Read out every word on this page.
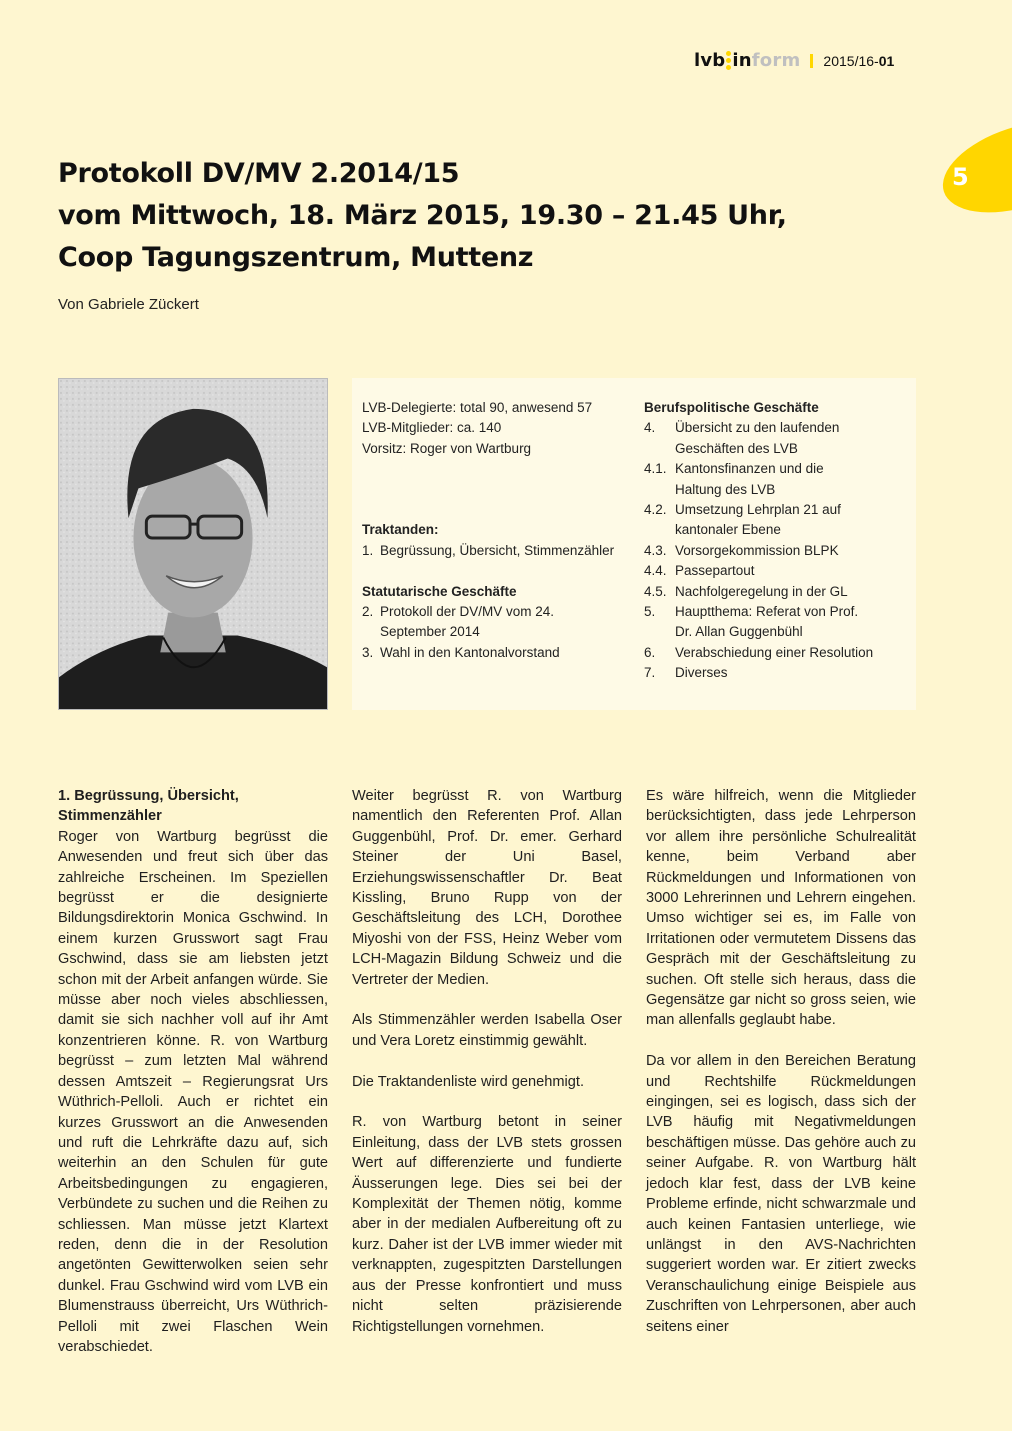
lvb in form 2015/16-01
5
Protokoll DV/MV 2.2014/15
vom Mittwoch, 18. März 2015, 19.30 – 21.45 Uhr,
Coop Tagungszentrum, Muttenz
Von Gabriele Zückert
LVB-Delegierte: total 90, anwesend 57
LVB-Mitglieder: ca. 140
Vorsitz: Roger von Wartburg
Traktanden:
1. Begrüssung, Übersicht, Stimmenzähler
Statutarische Geschäfte
2. Protokoll der DV/MV vom 24. September 2014
3. Wahl in den Kantonalvorstand
Berufspolitische Geschäfte
4.	Übersicht zu den laufenden Geschäften des LVB
4.1. Kantonsfinanzen und die Haltung des LVB
4.2. Umsetzung Lehrplan 21 auf kantonaler Ebene
4.3. Vorsorgekommission BLPK
4.4. Passepartout
4.5. Nachfolgeregelung in der GL
5.	Hauptthema: Referat von Prof. Dr. Allan Guggenbühl
6.	Verabschiedung einer Resolution
7.	Diverses
1. Begrüssung, Übersicht, Stimmenzähler

Roger von Wartburg begrüsst die Anwesenden und freut sich über das zahlreiche Erscheinen. Im Speziellen begrüsst er die designierte Bildungsdirektorin Monica Gschwind. In einem kurzen Grusswort sagt Frau Gschwind, dass sie am liebsten jetzt schon mit der Arbeit anfangen würde. Sie müsse aber noch vieles abschliessen, damit sie sich nachher voll auf ihr Amt konzentrieren könne. R. von Wartburg begrüsst – zum letzten Mal während dessen Amtszeit – Regierungsrat Urs Wüthrich-Pelloli. Auch er richtet ein kurzes Grusswort an die Anwesenden und ruft die Lehrkräfte dazu auf, sich weiterhin an den Schulen für gute Arbeitsbedingungen zu engagieren, Verbündete zu suchen und die Reihen zu schliessen. Man müsse jetzt Klartext reden, denn die in der Resolution angetönten Gewitterwolken seien sehr dunkel. Frau Gschwind wird vom LVB ein Blumenstrauss überreicht, Urs Wüthrich-Pelloli mit zwei Flaschen Wein verabschiedet.

Weiter begrüsst R. von Wartburg namentlich den Referenten Prof. Allan Guggenbühl, Prof. Dr. emer. Gerhard Steiner der Uni Basel, Erziehungswissenschaftler Dr. Beat Kissling, Bruno Rupp von der Geschäftsleitung des LCH, Dorothee Miyoshi von der FSS, Heinz Weber vom LCH-Magazin Bildung Schweiz und die Vertreter der Medien.

Als Stimmenzähler werden Isabella Oser und Vera Loretz einstimmig gewählt.

Die Traktandenliste wird genehmigt.

R. von Wartburg betont in seiner Einleitung, dass der LVB stets grossen Wert auf differenzierte und fundierte Äusserungen lege. Dies sei bei der Komplexität der Themen nötig, komme aber in der medialen Aufbereitung oft zu kurz. Daher ist der LVB immer wieder mit verknappten, zugespitzten Darstellungen aus der Presse konfrontiert und muss nicht selten präzisierende Richtigstellungen vornehmen.

Es wäre hilfreich, wenn die Mitglieder berücksichtigten, dass jede Lehrperson vor allem ihre persönliche Schulrealität kenne, beim Verband aber Rückmeldungen und Informationen von 3000 Lehrerinnen und Lehrern eingehen. Umso wichtiger sei es, im Falle von Irritationen oder vermutetem Dissens das Gespräch mit der Geschäftsleitung zu suchen. Oft stelle sich heraus, dass die Gegensätze gar nicht so gross seien, wie man allenfalls geglaubt habe.

Da vor allem in den Bereichen Beratung und Rechtshilfe Rückmeldungen eingingen, sei es logisch, dass sich der LVB häufig mit Negativmeldungen beschäftigen müsse. Das gehöre auch zu seiner Aufgabe. R. von Wartburg hält jedoch klar fest, dass der LVB keine Probleme erfinde, nicht schwarzmale und auch keinen Fantasien unterliege, wie unlängst in den AVS-Nachrichten suggeriert worden war. Er zitiert zwecks Veranschaulichung einige Beispiele aus Zuschriften von Lehrpersonen, aber auch seitens einer
